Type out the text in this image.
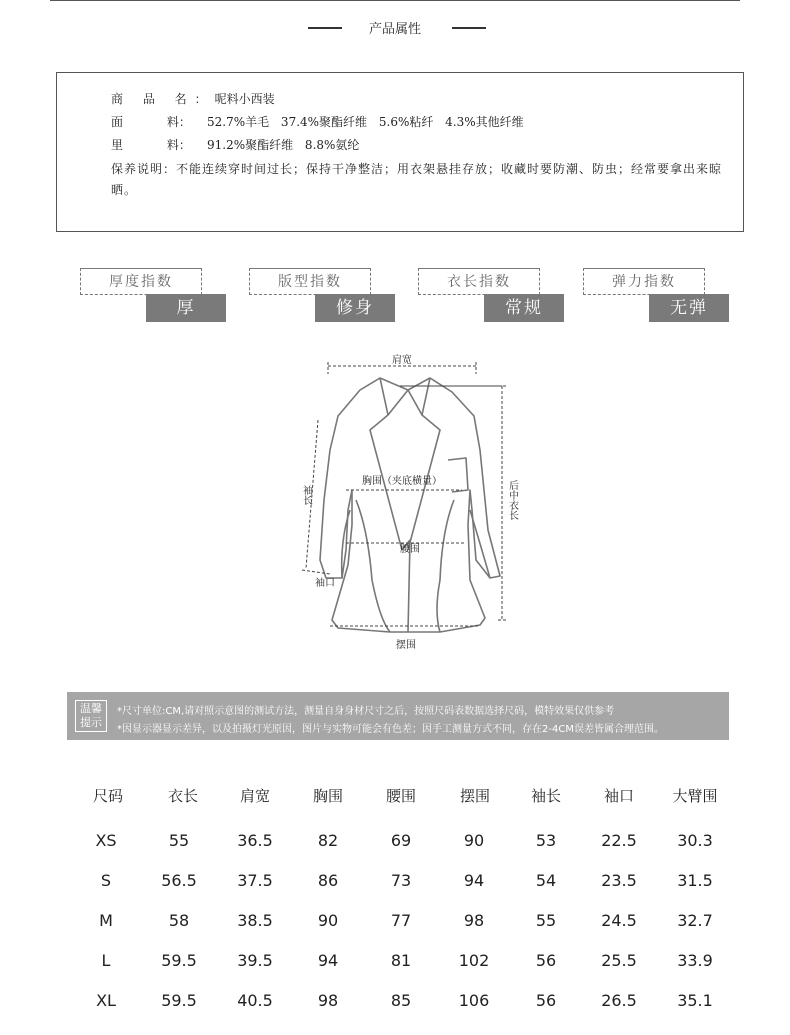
产品属性
商 品 名：呢料小西装
面 料： 52.7%羊毛 37.4%聚酯纤维 5.6%粘纤 4.3%其他纤维
里 料： 91.2%聚酯纤维 8.8%氨纶
保养说明：不能连续穿时间过长；保持干净整洁；用衣架悬挂存放；收藏时要防潮、防虫；经常要拿出来晾晒。
厚度指数
厚
版型指数
修身
衣长指数
常规
弹力指数
无弹
肩宽
胸围（夹底横量）
腰围
袖口
摆围
袖长	后中衣长
温馨提示
*尺寸单位:CM,请对照示意图的测试方法，测量自身身材尺寸之后，按照尺码表数据选择尺码，模特效果仅供参考
*因显示器显示差异，以及拍摄灯光原因，图片与实物可能会有色差；因手工测量方式不同，存在2-4CM误差皆属合理范围。
尺码	衣长	肩宽	胸围	腰围	摆围	袖长	袖口	大臂围
XS	55	36.5	82	69	90	53	22.5	30.3
S	56.5	37.5	86	73	94	54	23.5	31.5
M	58	38.5	90	77	98	55	24.5	32.7
L	59.5	39.5	94	81	102	56	25.5	33.9
XL	59.5	40.5	98	85	106	56	26.5	35.1
